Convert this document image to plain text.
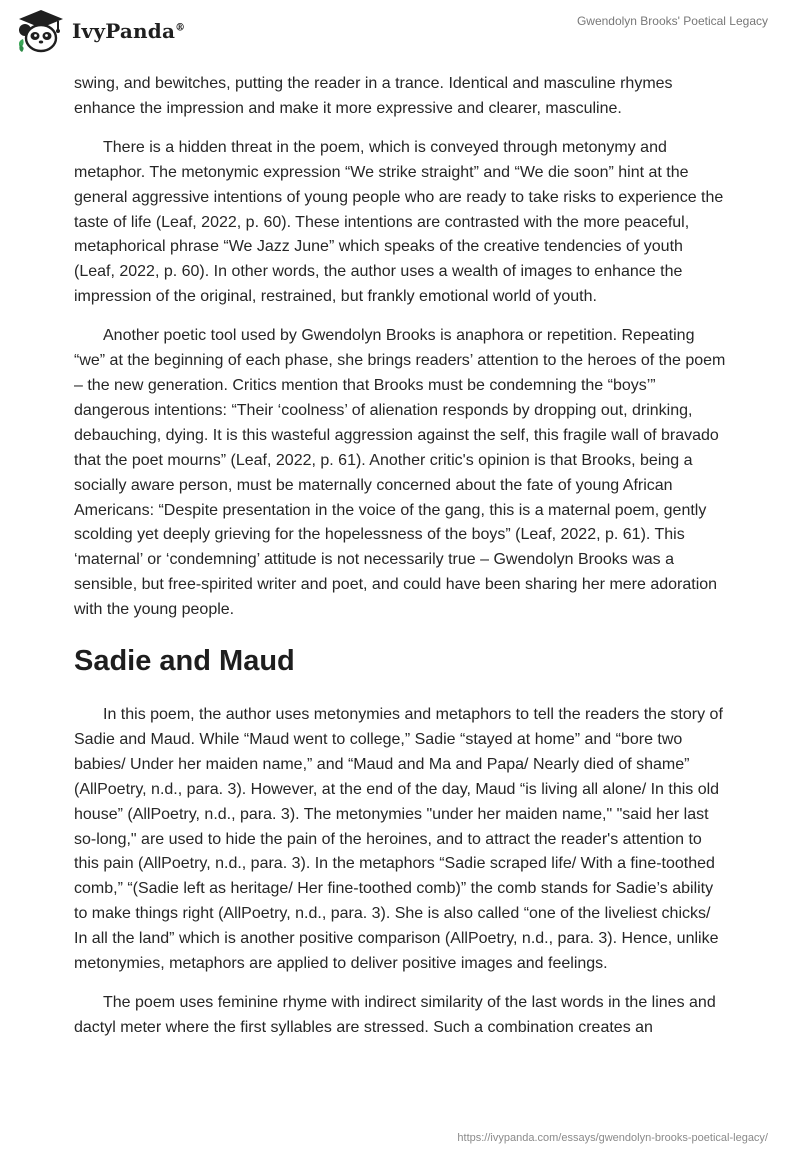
IvyPanda®	Gwendolyn Brooks' Poetical Legacy

swing, and bewitches, putting the reader in a trance. Identical and masculine rhymes enhance the impression and make it more expressive and clearer, masculine.

There is a hidden threat in the poem, which is conveyed through metonymy and metaphor. The metonymic expression “We strike straight” and “We die soon” hint at the general aggressive intentions of young people who are ready to take risks to experience the taste of life (Leaf, 2022, p. 60). These intentions are contrasted with the more peaceful, metaphorical phrase “We Jazz June” which speaks of the creative tendencies of youth (Leaf, 2022, p. 60). In other words, the author uses a wealth of images to enhance the impression of the original, restrained, but frankly emotional world of youth.

Another poetic tool used by Gwendolyn Brooks is anaphora or repetition. Repeating “we” at the beginning of each phase, she brings readers’ attention to the heroes of the poem – the new generation. Critics mention that Brooks must be condemning the “boys’” dangerous intentions: “Their ‘coolness’ of alienation responds by dropping out, drinking, debauching, dying. It is this wasteful aggression against the self, this fragile wall of bravado that the poet mourns” (Leaf, 2022, p. 61). Another critic's opinion is that Brooks, being a socially aware person, must be maternally concerned about the fate of young African Americans: “Despite presentation in the voice of the gang, this is a maternal poem, gently scolding yet deeply grieving for the hopelessness of the boys” (Leaf, 2022, p. 61). This ‘maternal’ or ‘condemning’ attitude is not necessarily true – Gwendolyn Brooks was a sensible, but free-spirited writer and poet, and could have been sharing her mere adoration with the young people.

Sadie and Maud

In this poem, the author uses metonymies and metaphors to tell the readers the story of Sadie and Maud. While “Maud went to college,” Sadie “stayed at home” and “bore two babies/ Under her maiden name,” and “Maud and Ma and Papa/ Nearly died of shame” (AllPoetry, n.d., para. 3). However, at the end of the day, Maud “is living all alone/ In this old house” (AllPoetry, n.d., para. 3). The metonymies "under her maiden name," "said her last so-long," are used to hide the pain of the heroines, and to attract the reader's attention to this pain (AllPoetry, n.d., para. 3). In the metaphors “Sadie scraped life/ With a fine-toothed comb,” “(Sadie left as heritage/ Her fine-toothed comb)” the comb stands for Sadie’s ability to make things right (AllPoetry, n.d., para. 3). She is also called “one of the liveliest chicks/ In all the land” which is another positive comparison (AllPoetry, n.d., para. 3). Hence, unlike metonymies, metaphors are applied to deliver positive images and feelings.

The poem uses feminine rhyme with indirect similarity of the last words in the lines and dactyl meter where the first syllables are stressed. Such a combination creates an

https://ivypanda.com/essays/gwendolyn-brooks-poetical-legacy/
